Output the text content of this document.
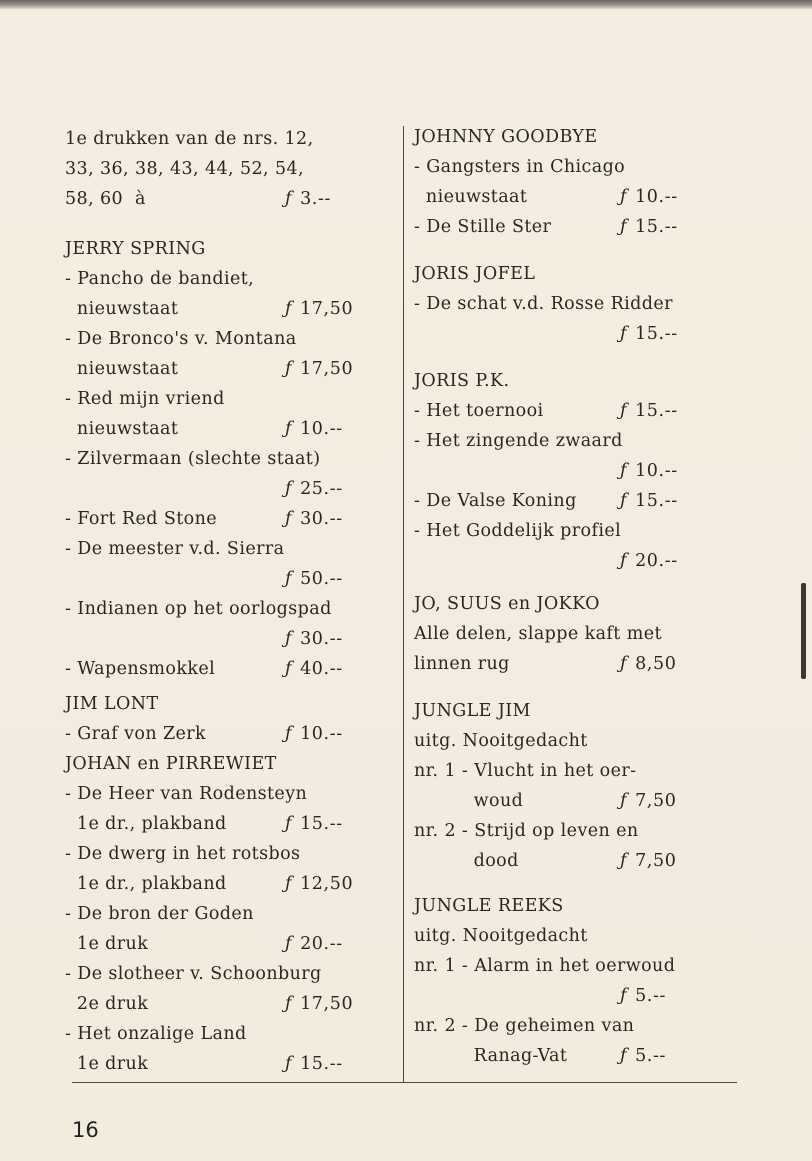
1e drukken van de nrs. 12,
33, 36, 38, 43, 44, 52, 54,
58, 60  à	ƒ 3.--
JERRY SPRING
- Pancho de bandiet,
nieuwstaat	ƒ 17,50
- De Bronco's v. Montana
nieuwstaat	ƒ 17,50
- Red mijn vriend
nieuwstaat	ƒ 10.--
- Zilvermaan (slechte staat)
ƒ 25.--
- Fort Red Stone	ƒ 30.--
- De meester v.d. Sierra
ƒ 50.--
- Indianen op het oorlogspad
ƒ 30.--
- Wapensmokkel	ƒ 40.--
JIM LONT
- Graf von Zerk	ƒ 10.--
JOHAN en PIRREWIET
- De Heer van Rodensteyn
1e dr., plakband	ƒ 15.--
- De dwerg in het rotsbos
1e dr., plakband	ƒ 12,50
- De bron der Goden
1e druk	ƒ 20.--
- De slotheer v. Schoonburg
2e druk	ƒ 17,50
- Het onzalige Land
1e druk	ƒ 15.--
JOHNNY GOODBYE
- Gangsters in Chicago
nieuwstaat	ƒ 10.--
- De Stille Ster	ƒ 15.--
JORIS JOFEL
- De schat v.d. Rosse Ridder
ƒ 15.--
JORIS P.K.
- Het toernooi	ƒ 15.--
- Het zingende zwaard
ƒ 10.--
- De Valse Koning ƒ 15.--
- Het Goddelijk profiel
ƒ 20.--
JO, SUUS en JOKKO
Alle delen, slappe kaft met
linnen rug	ƒ 8,50
JUNGLE JIM
uitg. Nooitgedacht
nr. 1 - Vlucht in het oer-
woud	ƒ 7,50
nr. 2 - Strijd op leven en
dood	ƒ 7,50
JUNGLE REEKS
uitg. Nooitgedacht
nr. 1 - Alarm in het oerwoud
ƒ 5.--
nr. 2 - De geheimen van
Ranag-Vat	ƒ 5.--
16
